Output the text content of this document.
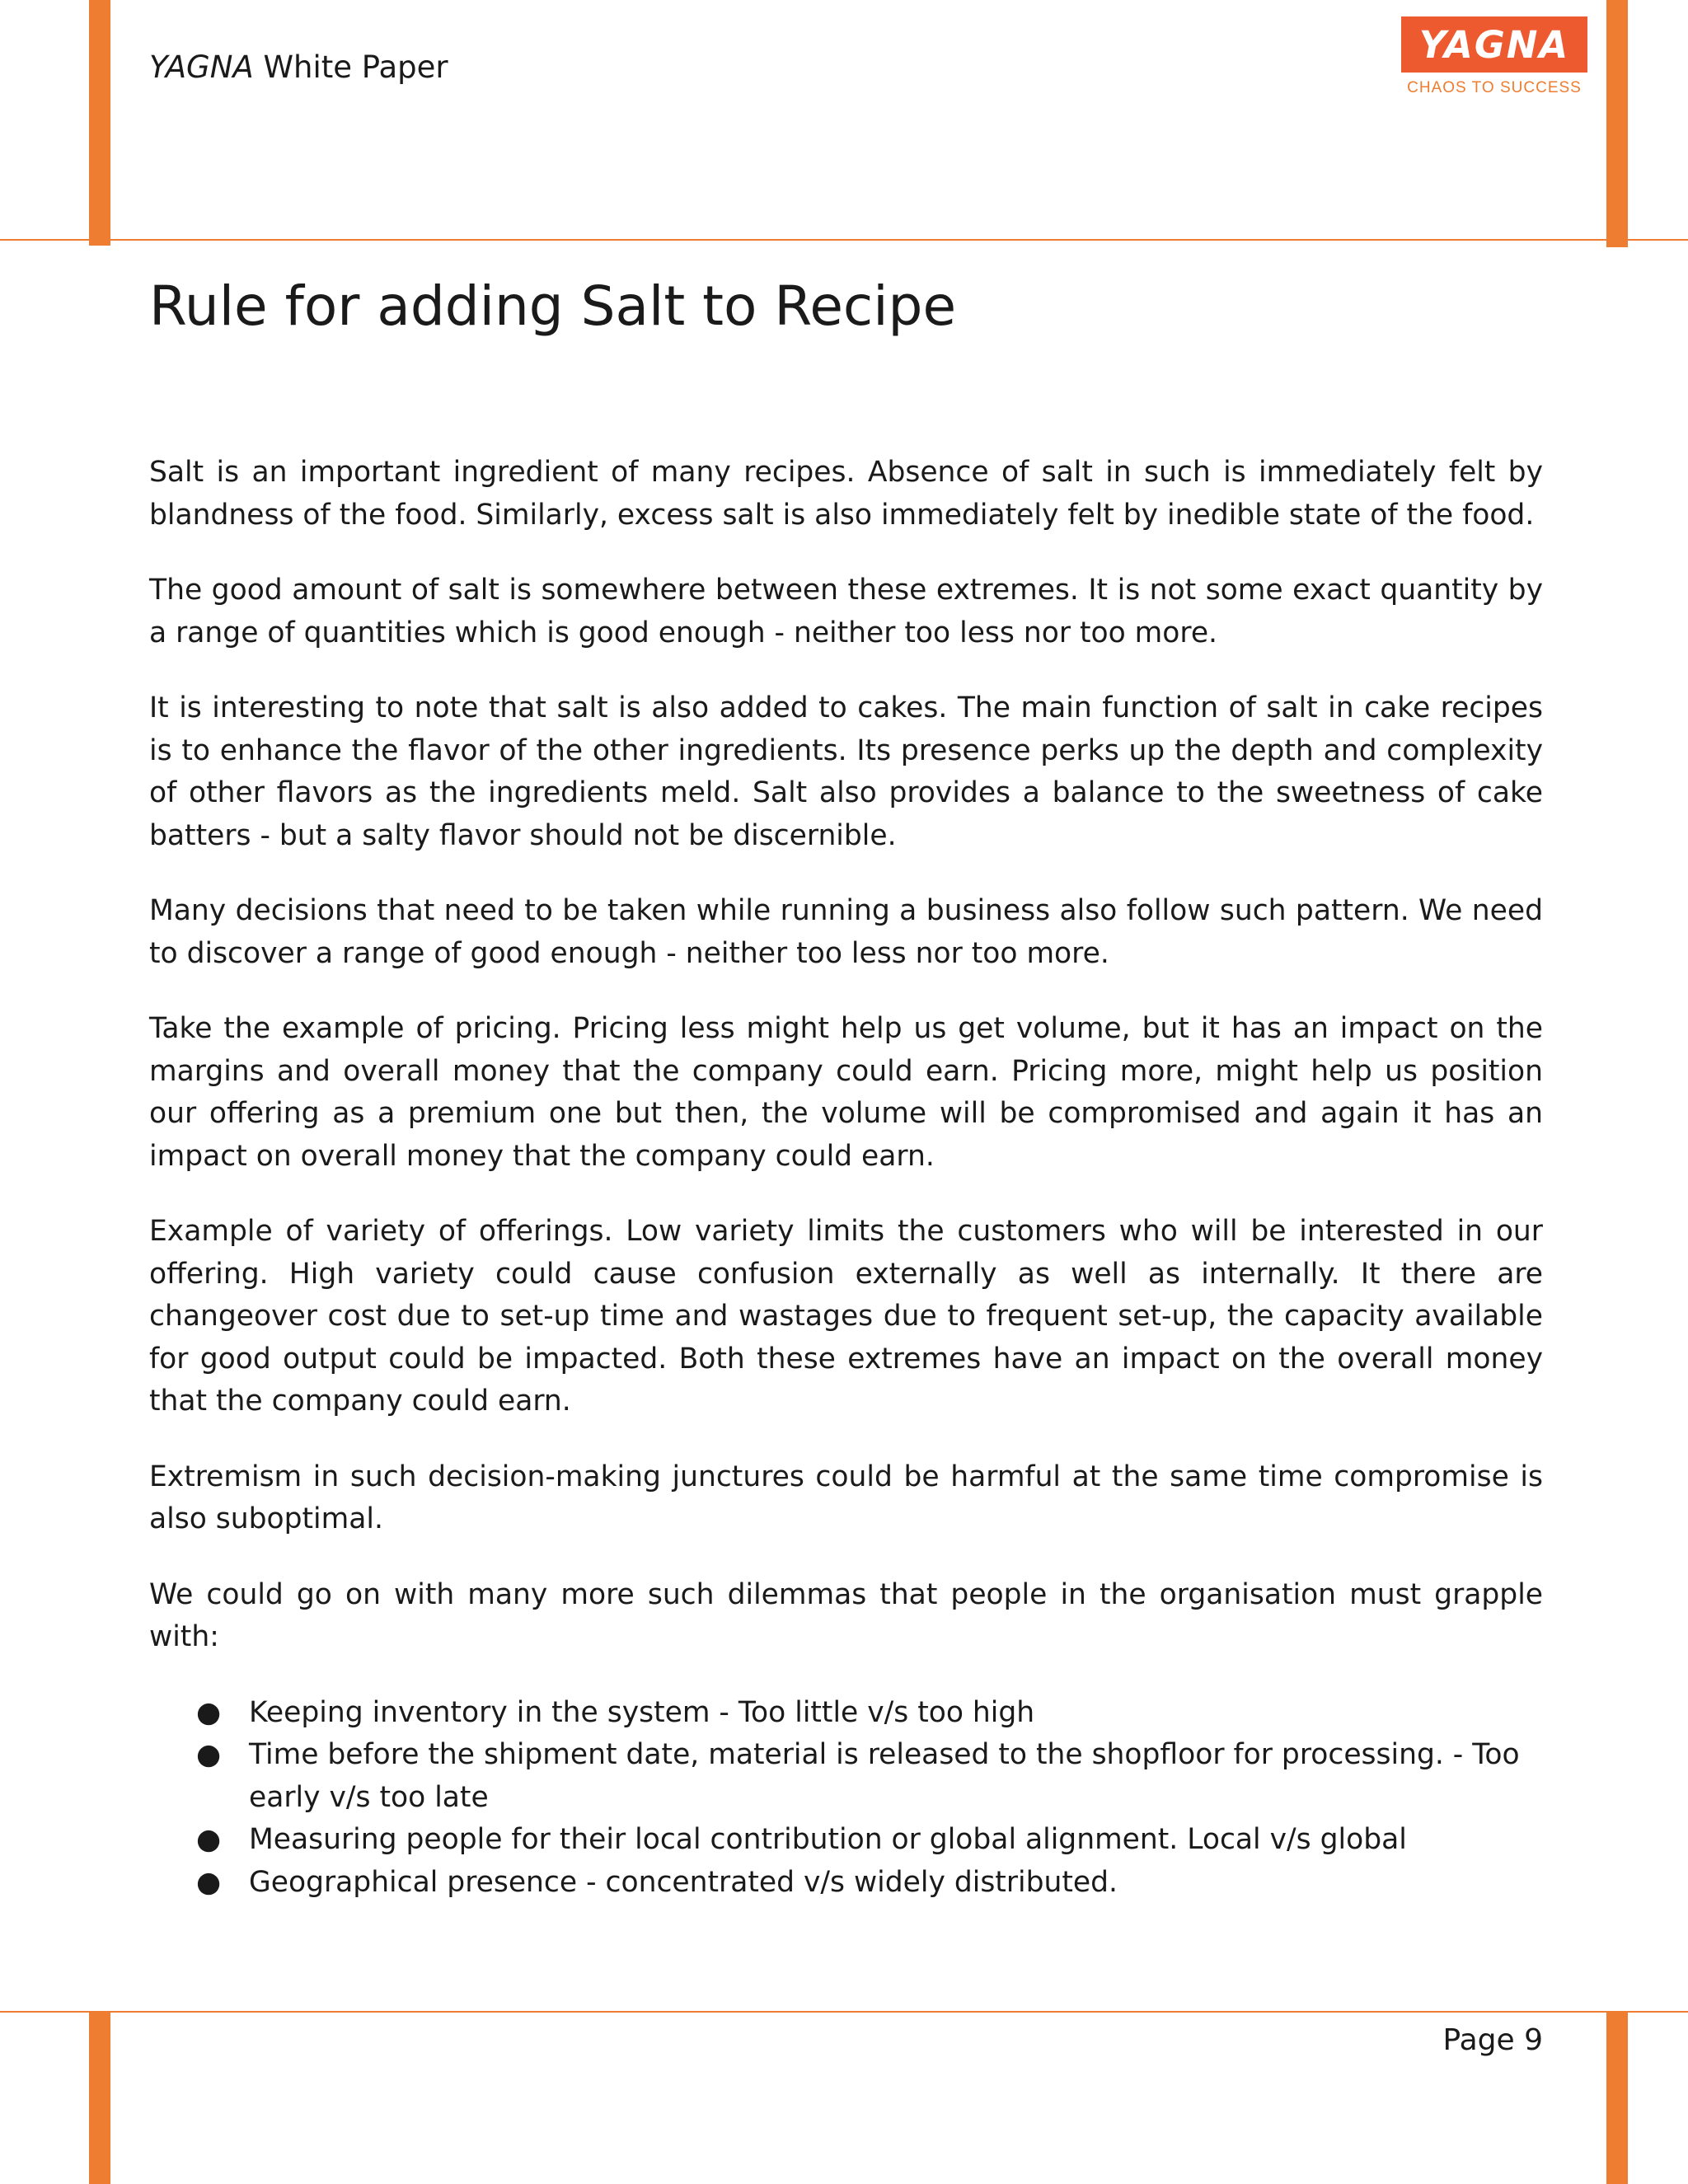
YAGNA White Paper
YAGNA
CHAOS TO SUCCESS
Rule for adding Salt to Recipe

Salt is an important ingredient of many recipes. Absence of salt in such is immediately felt by blandness of the food. Similarly, excess salt is also immediately felt by inedible state of the food.

The good amount of salt is somewhere between these extremes. It is not some exact quantity by a range of quantities which is good enough - neither too less nor too more.

It is interesting to note that salt is also added to cakes. The main function of salt in cake recipes is to enhance the flavor of the other ingredients. Its presence perks up the depth and complexity of other flavors as the ingredients meld. Salt also provides a balance to the sweetness of cake batters - but a salty flavor should not be discernible.

Many decisions that need to be taken while running a business also follow such pattern. We need to discover a range of good enough - neither too less nor too more.

Take the example of pricing. Pricing less might help us get volume, but it has an impact on the margins and overall money that the company could earn. Pricing more, might help us position our offering as a premium one but then, the volume will be compromised and again it has an impact on overall money that the company could earn.

Example of variety of offerings. Low variety limits the customers who will be interested in our offering. High variety could cause confusion externally as well as internally. It there are changeover cost due to set-up time and wastages due to frequent set-up, the capacity available for good output could be impacted. Both these extremes have an impact on the overall money that the company could earn.

Extremism in such decision-making junctures could be harmful at the same time compromise is also suboptimal.

We could go on with many more such dilemmas that people in the organisation must grapple with:

● Keeping inventory in the system - Too little v/s too high
● Time before the shipment date, material is released to the shopfloor for processing. - Too early v/s too late
● Measuring people for their local contribution or global alignment. Local v/s global
● Geographical presence - concentrated v/s widely distributed.
Page 9
